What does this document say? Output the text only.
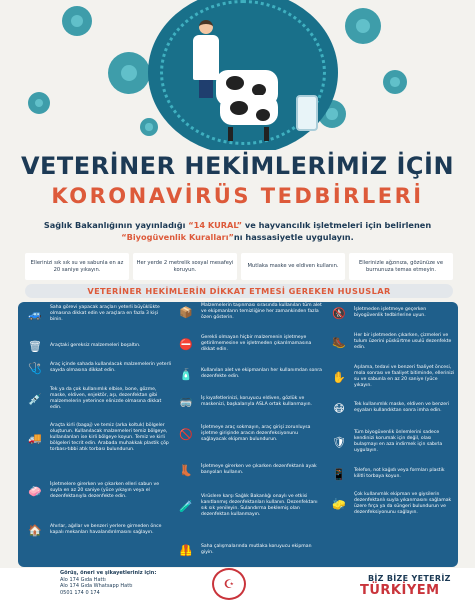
VETERİNER HEKİMLERİMİZ İÇİN
KORONAVİRÜS TEDBİRLERİ
Sağlık Bakanlığının yayınladığı “14 KURAL” ve hayvancılık işletmeleri için belirlenen
“Biyogüvenlik Kuralları”nı hassasiyetle uygulayın.
Ellerinizi sık sık su ve sabunla en az 20 saniye yıkayın.
Her yerde 2 metrelik sosyal mesafeyi koruyun.
Mutlaka maske ve eldiven kullanın.
Ellerinizle ağzınıza, gözünüze ve burnunuza temas etmeyin.
VETERİNER HEKİMLERİN DİKKAT ETMESİ GEREKEN HUSUSLAR
🚙	Saha görevi yapacak araçları yeterli büyüklükte olmasına dikkat edin ve araçlara en fazla 3 kişi binin.
🗑	Araçtaki gereksiz malzemeleri boşaltın.
🩺	Araç içinde sahada kullanılacak malzemelerin yeterli sayıda olmasına dikkat edin.
💉
Tek ya da çok kullanımlık elbise, bone, gözme, maske, eldiven, enjektör, aşı, dezenfektan gibi malzemelerin yeterince elinizde olmasına dikkat edin.
🚚
Araçta kirli (bagaj) ve temiz (arka koltuk) bölgeler oluşturun. Kullanılacak malzemeleri temiz bölgeye, kullanılanları ise kirli bölgeye koyun. Temiz ve kirli bölgeleri tecrit edin. Arabada muhakkak plastik çöp torbası-tıbbi atık torbası bulundurun.
🧼	İşletmelere girerken ve çıkarken elleri sabun ve suyla en az 20 saniye (yüce yıkayın veya el dezenfektanıyla dezenfekte edin.
🏠	Ahırlar, ağıllar ve benzeri yerlere girmeden önce kapalı mekanları havalandırılmasını sağlayın.
📦	Malzemelerin taşınması sırasında kullanılan tüm alet ve ekipmanların temizliğine her zamankinden fazla özen gösterin.
⛔	Gerekli olmayan hiçbir malzemenin işletmeye getirilmemesine ve işletmeden çıkarılmamasına dikkat edin.
🧴	Kullanılan alet ve ekipmanları her kullanımdan sonra dezenfekte edin.
🥽	İş kıyafetlerinizi, koruyucu eldiven, gözlük ve maskenizi, başkalarıyla ASLA ortak kullanmayın.
🚫	İşletmeye araç sokmayın, araç girişi zorunluysa işletme girişinde aracın dezenfeksiyonunu sağlayacak ekipman bulundurun.
👢	İşletmeye girerken ve çıkarken dezenfektanlı ayak banyoları kullanın.
🧪
Virüslere karşı Sağlık Bakanlığı onaylı ve etkisi kanıtlanmış dezenfektanları kullanın. Dezenfektanı sık sık yenileyin. Sulandırma beklemiş olan dezenfektan kullanmayın.
🦺	Saha çalışmalarında mutlaka koruyucu ekipman giyin.
🚷	İşletmeden işletmeye geçerken biyogüvenlik tedbirlerine uyun.
🥾	Her bir işletmeden çıkarken, çizmeleri ve tulum üzerini püskürtme usulü dezenfekte edin.
✋
Aşılama, tedavi ve benzeri faaliyet öncesi, mola sonrası ve faaliyet bitiminde, ellerinizi su ve sabunla en az 20 saniye (yüce yıkayın.
😷	Tek kullanımlık maske, eldiven ve benzeri eşyaları kullandıktan sonra imha edin.
🛡
Tüm biyogüvenlik önlemlerini sadece kendinizi korumak için değil, olası bulaşmayı en aza indirmek için sabırla uygulayın.
📱	Telefon, not kağıdı veya formları plastik kilitli torbaya koyun.
🧽
Çok kullanımlık ekipman ve giysilerin dezenfektanlı suyla yıkanmasını sağlamak üzere fırça ya da süngeri bulundurun ve dezenfeksiyonunu sağlayın.
Görüş, öneri ve şikayetleriniz için:
Alo 174 Gıda Hattı
Alo 174 Gıda Whatsapp Hattı
0501 174 0 174
☪	BİZ BİZE YETERİZ
TÜRKİYEM
